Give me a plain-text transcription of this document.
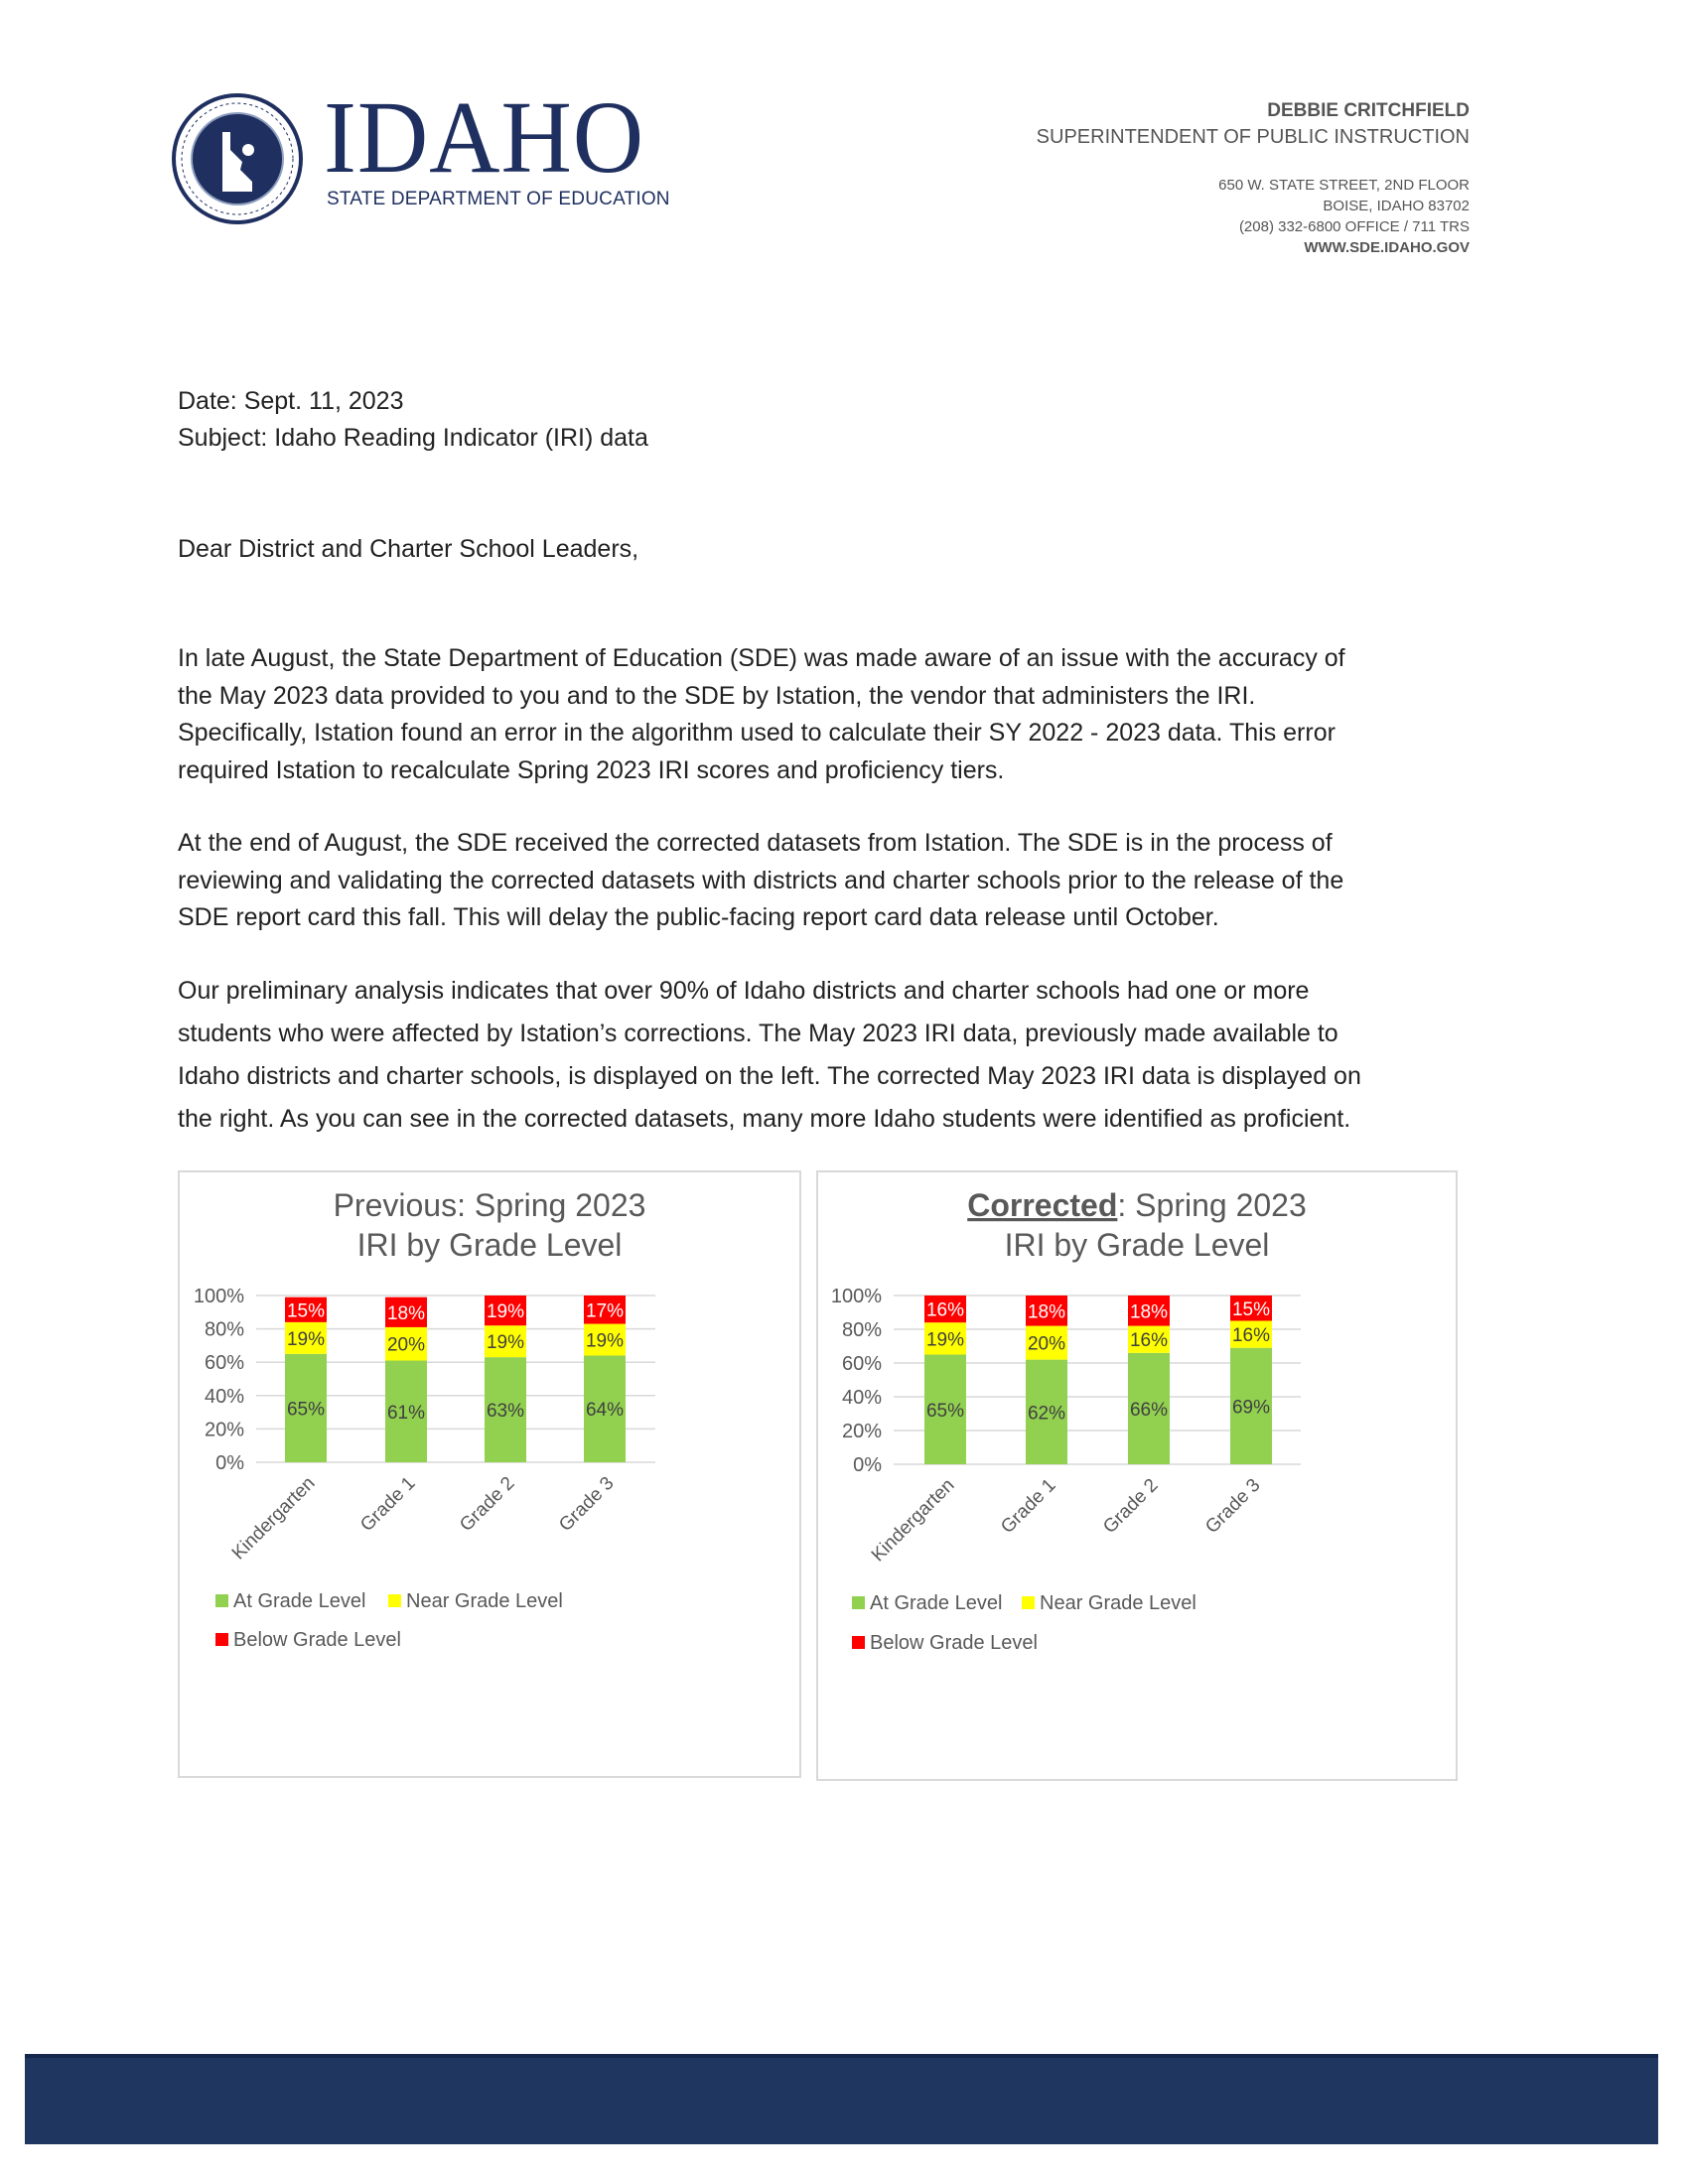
IDAHO
STATE DEPARTMENT OF EDUCATION
DEBBIE CRITCHFIELD
SUPERINTENDENT OF PUBLIC INSTRUCTION
650 W. STATE STREET, 2ND FLOOR
BOISE, IDAHO 83702
(208) 332-6800 OFFICE / 711 TRS
WWW.SDE.IDAHO.GOV
Date: Sept. 11, 2023
Subject: Idaho Reading Indicator (IRI) data
Dear District and Charter School Leaders,
In late August, the State Department of Education (SDE) was made aware of an issue with the accuracy of
the May 2023 data provided to you and to the SDE by Istation, the vendor that administers the IRI.
Specifically, Istation found an error in the algorithm used to calculate their SY 2022 - 2023 data. This error
required Istation to recalculate Spring 2023 IRI scores and proficiency tiers.
At the end of August, the SDE received the corrected datasets from Istation. The SDE is in the process of
reviewing and validating the corrected datasets with districts and charter schools prior to the release of the
SDE report card this fall. This will delay the public-facing report card data release until October.
Our preliminary analysis indicates that over 90% of Idaho districts and charter schools had one or more
students who were affected by Istation’s corrections. The May 2023 IRI data, previously made available to
Idaho districts and charter schools, is displayed on the left. The corrected May 2023 IRI data is displayed on
the right. As you can see in the corrected datasets, many more Idaho students were identified as proficient.
Previous: Spring 2023
IRI by Grade Level
0%
20%
40%
60%
80%
100%
65%
19%
15%
Kindergarten
61%
20%
18%
Grade 1
63%
19%
19%
Grade 2
64%
19%
17%
Grade 3
At Grade Level Near Grade Level
Below Grade Level
Corrected: Spring 2023
IRI by Grade Level
0%
20%
40%
60%
80%
100%
65%
19%
16%
Kindergarten
62%
20%
18%
Grade 1
66%
16%
18%
Grade 2
69%
16%
15%
Grade 3
At Grade Level Near Grade Level
Below Grade Level
